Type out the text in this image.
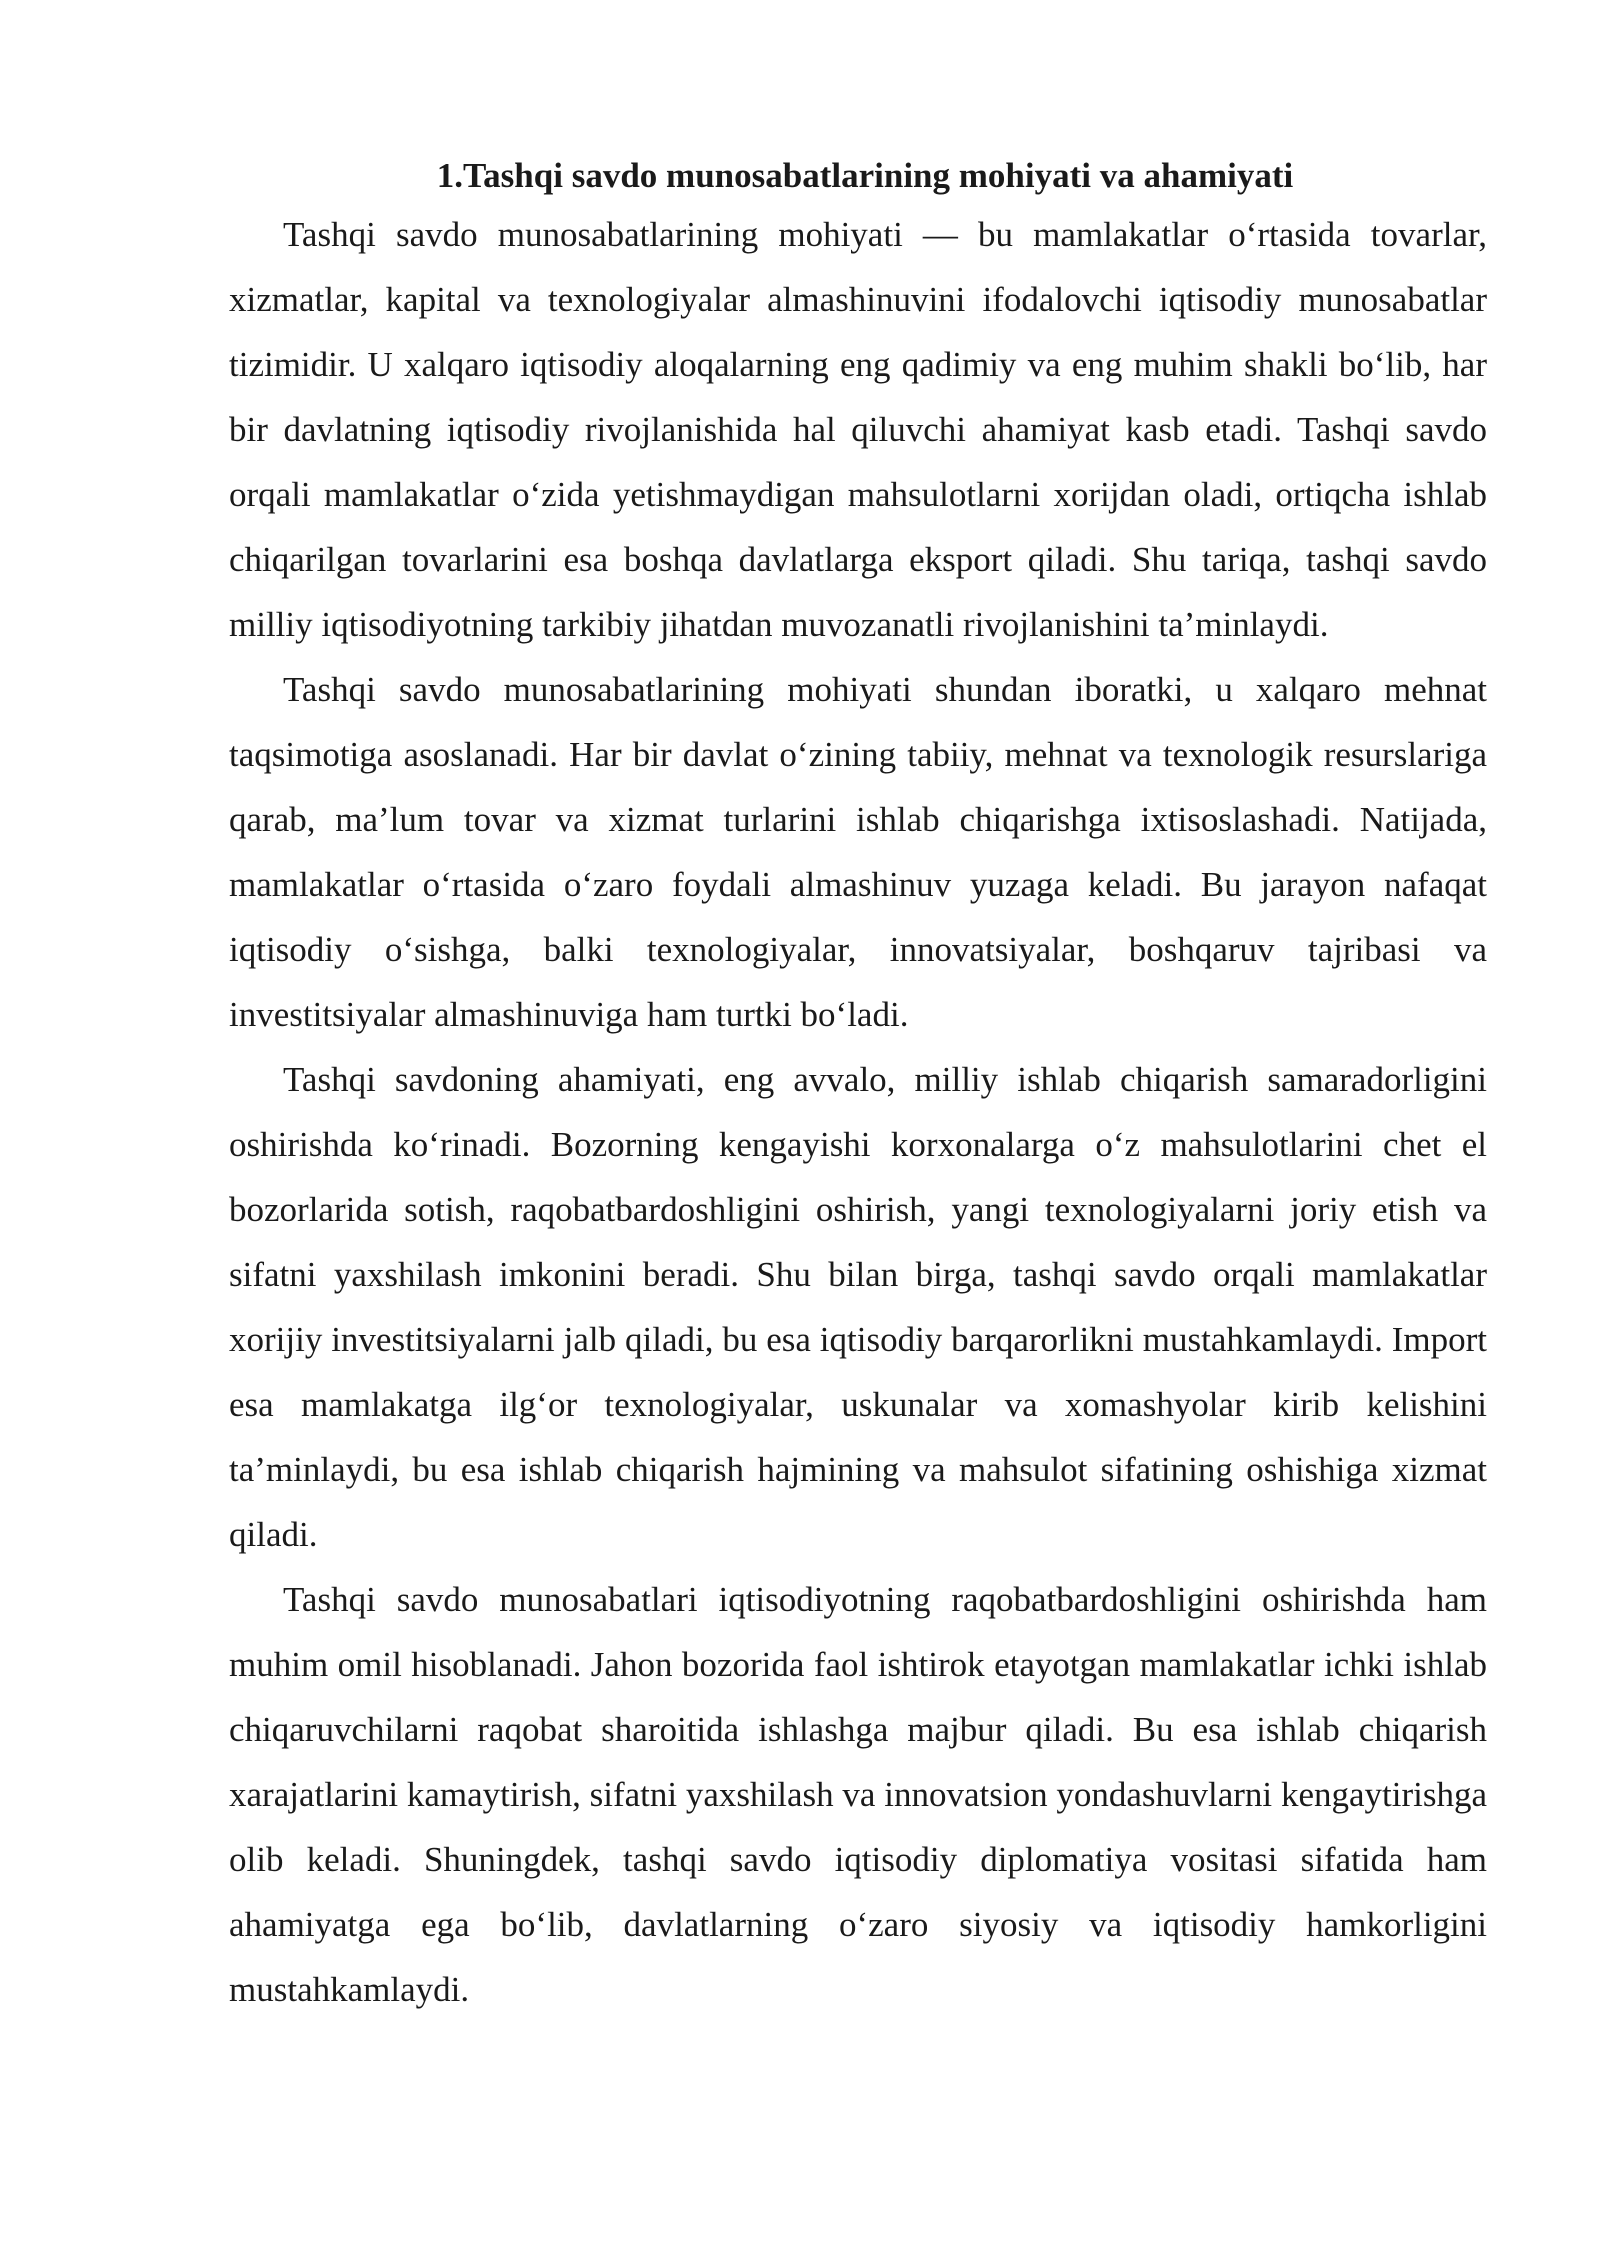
1.Tashqi savdo munosabatlarining mohiyati va ahamiyati

Tashqi savdo munosabatlarining mohiyati — bu mamlakatlar o‘rtasida tovarlar, xizmatlar, kapital va texnologiyalar almashinuvini ifodalovchi iqtisodiy munosabatlar tizimidir. U xalqaro iqtisodiy aloqalarning eng qadimiy va eng muhim shakli bo‘lib, har bir davlatning iqtisodiy rivojlanishida hal qiluvchi ahamiyat kasb etadi. Tashqi savdo orqali mamlakatlar o‘zida yetishmaydigan mahsulotlarni xorijdan oladi, ortiqcha ishlab chiqarilgan tovarlarini esa boshqa davlatlarga eksport qiladi. Shu tariqa, tashqi savdo milliy iqtisodiyotning tarkibiy jihatdan muvozanatli rivojlanishini ta’minlaydi.

Tashqi savdo munosabatlarining mohiyati shundan iboratki, u xalqaro mehnat taqsimotiga asoslanadi. Har bir davlat o‘zining tabiiy, mehnat va texnologik resurslariga qarab, ma’lum tovar va xizmat turlarini ishlab chiqarishga ixtisoslashadi. Natijada, mamlakatlar o‘rtasida o‘zaro foydali almashinuv yuzaga keladi. Bu jarayon nafaqat iqtisodiy o‘sishga, balki texnologiyalar, innovatsiyalar, boshqaruv tajribasi va investitsiyalar almashinuviga ham turtki bo‘ladi.

Tashqi savdoning ahamiyati, eng avvalo, milliy ishlab chiqarish samaradorligini oshirishda ko‘rinadi. Bozorning kengayishi korxonalarga o‘z mahsulotlarini chet el bozorlarida sotish, raqobatbardoshligini oshirish, yangi texnologiyalarni joriy etish va sifatni yaxshilash imkonini beradi. Shu bilan birga, tashqi savdo orqali mamlakatlar xorijiy investitsiyalarni jalb qiladi, bu esa iqtisodiy barqarorlikni mustahkamlaydi. Import esa mamlakatga ilg‘or texnologiyalar, uskunalar va xomashyolar kirib kelishini ta’minlaydi, bu esa ishlab chiqarish hajmining va mahsulot sifatining oshishiga xizmat qiladi.

Tashqi savdo munosabatlari iqtisodiyotning raqobatbardoshligini oshirishda ham muhim omil hisoblanadi. Jahon bozorida faol ishtirok etayotgan mamlakatlar ichki ishlab chiqaruvchilarni raqobat sharoitida ishlashga majbur qiladi. Bu esa ishlab chiqarish xarajatlarini kamaytirish, sifatni yaxshilash va innovatsion yondashuvlarni kengaytirishga olib keladi. Shuningdek, tashqi savdo iqtisodiy diplomatiya vositasi sifatida ham ahamiyatga ega bo‘lib, davlatlarning o‘zaro siyosiy va iqtisodiy hamkorligini mustahkamlaydi.
